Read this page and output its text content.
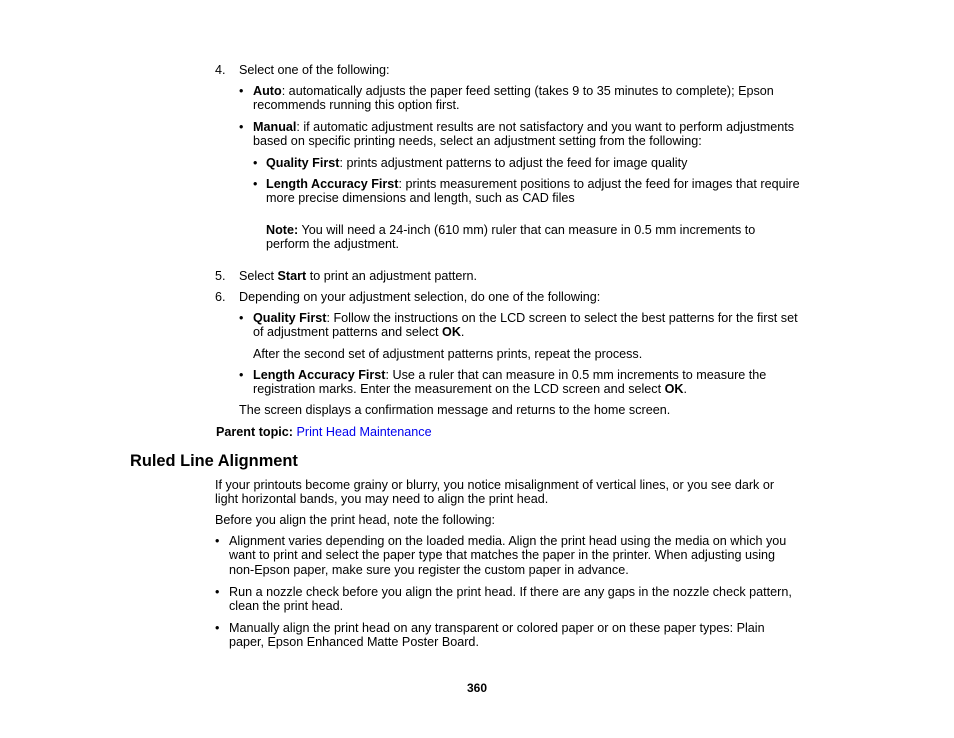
4.	Select one of the following:
• Auto: automatically adjusts the paper feed setting (takes 9 to 35 minutes to complete); Epson
recommends running this option first.
• Manual: if automatic adjustment results are not satisfactory and you want to perform adjustments
based on specific printing needs, select an adjustment setting from the following:
• Quality First: prints adjustment patterns to adjust the feed for image quality
• Length Accuracy First: prints measurement positions to adjust the feed for images that require
more precise dimensions and length, such as CAD files
Note: You will need a 24-inch (610 mm) ruler that can measure in 0.5 mm increments to
perform the adjustment.
5.	Select Start to print an adjustment pattern.
6.	Depending on your adjustment selection, do one of the following:
• Quality First: Follow the instructions on the LCD screen to select the best patterns for the first set
of adjustment patterns and select OK.
After the second set of adjustment patterns prints, repeat the process.
• Length Accuracy First: Use a ruler that can measure in 0.5 mm increments to measure the
registration marks. Enter the measurement on the LCD screen and select OK.
The screen displays a confirmation message and returns to the home screen.
Parent topic: Print Head Maintenance
Ruled Line Alignment
If your printouts become grainy or blurry, you notice misalignment of vertical lines, or you see dark or
light horizontal bands, you may need to align the print head.
Before you align the print head, note the following:
• Alignment varies depending on the loaded media. Align the print head using the media on which you
want to print and select the paper type that matches the paper in the printer. When adjusting using
non-Epson paper, make sure you register the custom paper in advance.
• Run a nozzle check before you align the print head. If there are any gaps in the nozzle check pattern,
clean the print head.
• Manually align the print head on any transparent or colored paper or on these paper types: Plain
paper, Epson Enhanced Matte Poster Board.
360
